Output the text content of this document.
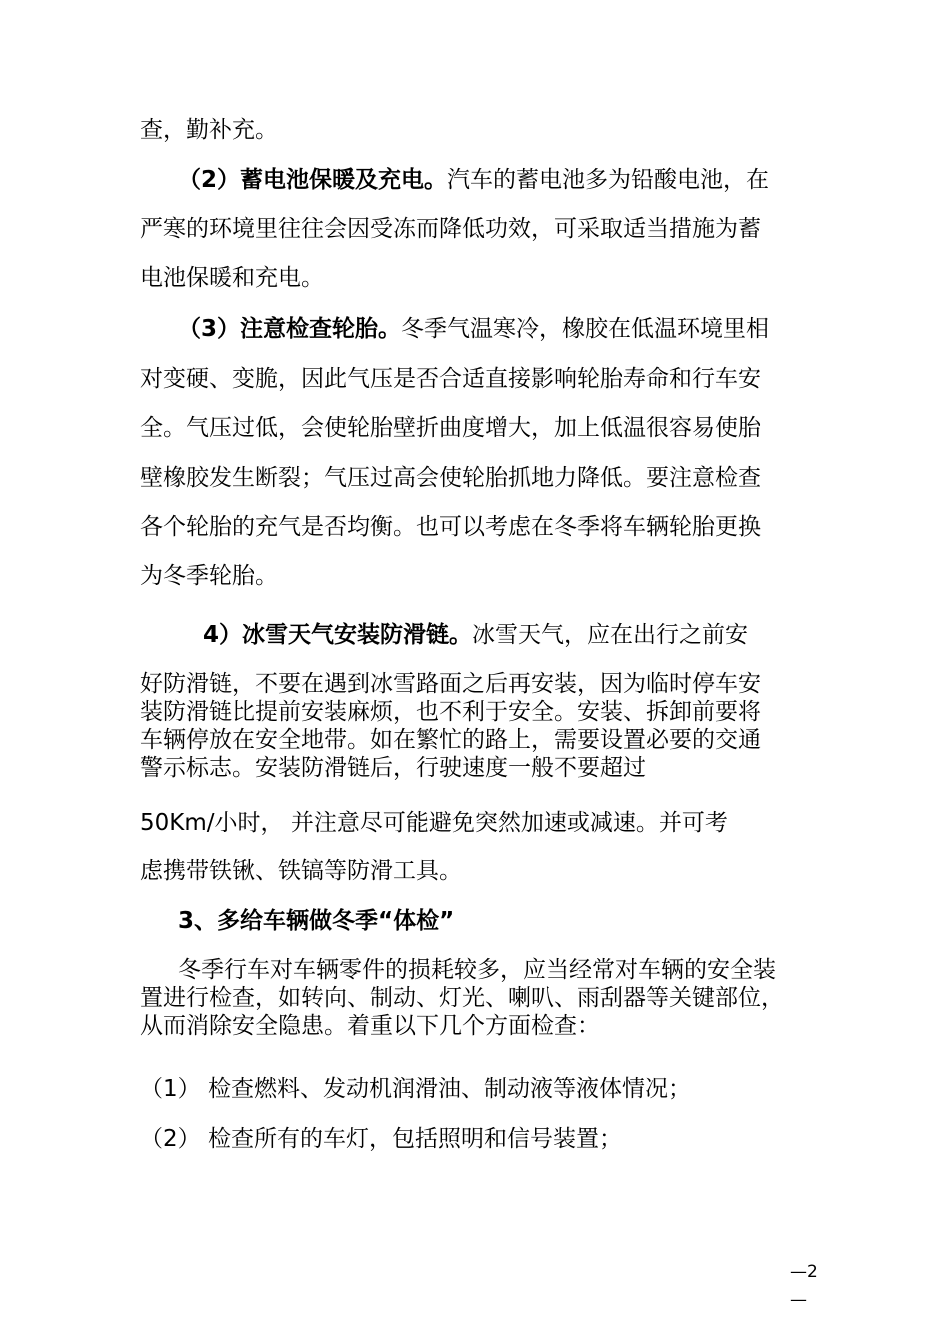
查，勤补充。
（2）蓄电池保暖及充电。汽车的蓄电池多为铅酸电池，在
严寒的环境里往往会因受冻而降低功效，可采取适当措施为蓄
电池保暖和充电。
（3）注意检查轮胎。冬季气温寒冷，橡胶在低温环境里相
对变硬、变脆，因此气压是否合适直接影响轮胎寿命和行车安
全。气压过低，会使轮胎壁折曲度增大，加上低温很容易使胎
壁橡胶发生断裂；气压过高会使轮胎抓地力降低。要注意检查
各个轮胎的充气是否均衡。也可以考虑在冬季将车辆轮胎更换
为冬季轮胎。
4）冰雪天气安装防滑链。冰雪天气，应在出行之前安
好防滑链，不要在遇到冰雪路面之后再安装，因为临时停车安
装防滑链比提前安装麻烦，也不利于安全。安装、拆卸前要将
车辆停放在安全地带。如在繁忙的路上，需要设置必要的交通
警示标志。安装防滑链后，行驶速度一般不要超过
50Km/小时， 并注意尽可能避免突然加速或减速。并可考
虑携带铁锹、铁镐等防滑工具。
3、多给车辆做冬季“体检”
冬季行车对车辆零件的损耗较多，应当经常对车辆的安全装
置进行检查，如转向、制动、灯光、喇叭、雨刮器等关键部位，
从而消除安全隐患。着重以下几个方面检查：
（1） 检查燃料、发动机润滑油、制动液等液体情况；
（2） 检查所有的车灯，包括照明和信号装置；
—2
—
